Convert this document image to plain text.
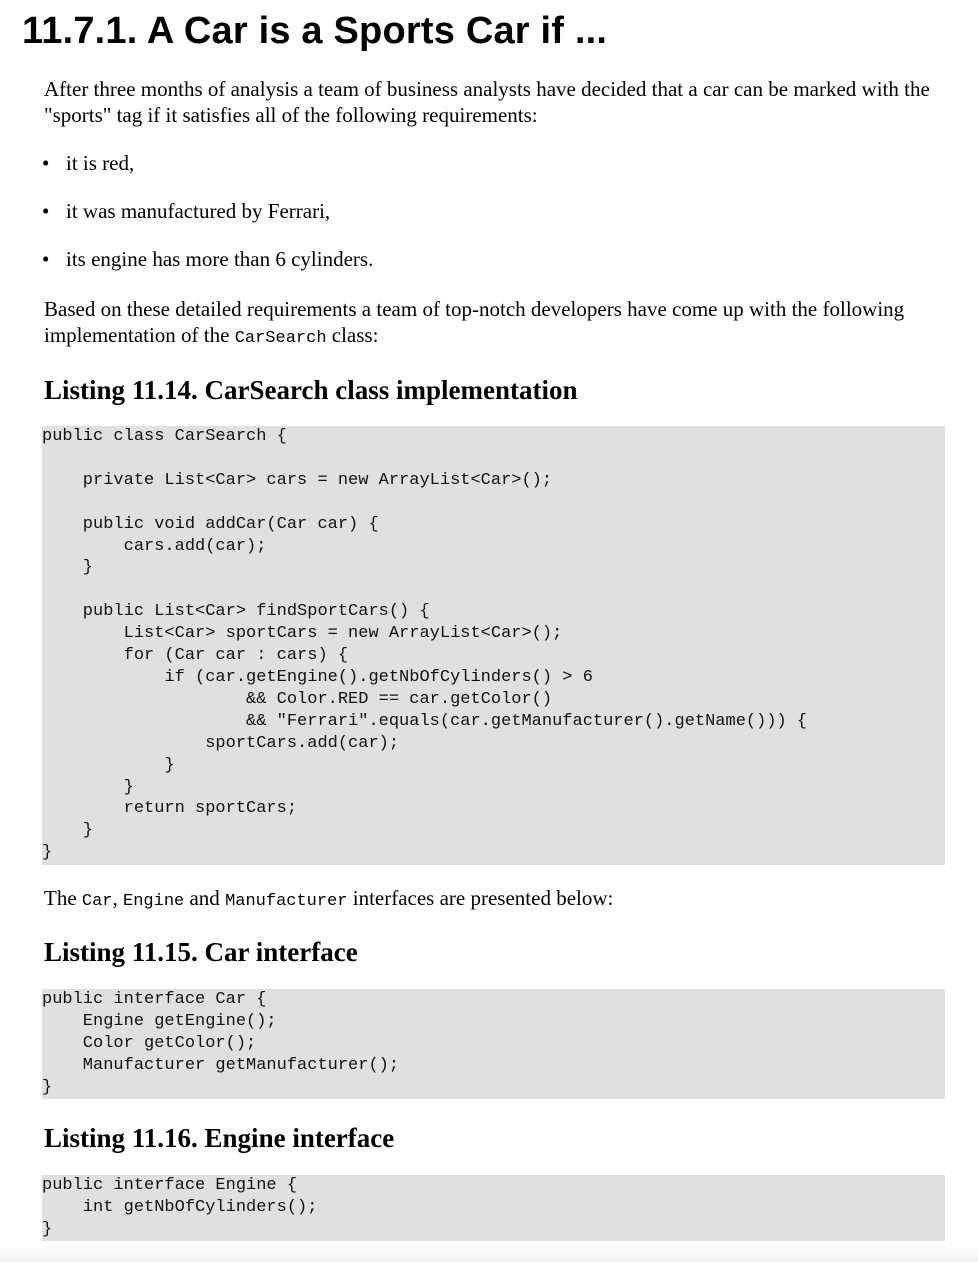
11.7.1. A Car is a Sports Car if ...

After three months of analysis a team of business analysts have decided that a car can be marked with the "sports" tag if it satisfies all of the following requirements:

• it is red,
• it was manufactured by Ferrari,
• its engine has more than 6 cylinders.

Based on these detailed requirements a team of top-notch developers have come up with the following implementation of the CarSearch class:

Listing 11.14. CarSearch class implementation
public class CarSearch {

private List<Car> cars = new ArrayList<Car>();

public void addCar(Car car) {
cars.add(car);
}

public List<Car> findSportCars() {
List<Car> sportCars = new ArrayList<Car>();
for (Car car : cars) {
if (car.getEngine().getNbOfCylinders() > 6
&& Color.RED == car.getColor()
&& "Ferrari".equals(car.getManufacturer().getName())) {
sportCars.add(car);
}
}
return sportCars;
}
}

The Car, Engine and Manufacturer interfaces are presented below:

Listing 11.15. Car interface
public interface Car {
Engine getEngine();
Color getColor();
Manufacturer getManufacturer();
}
Listing 11.16. Engine interface
public interface Engine {
int getNbOfCylinders();
}
